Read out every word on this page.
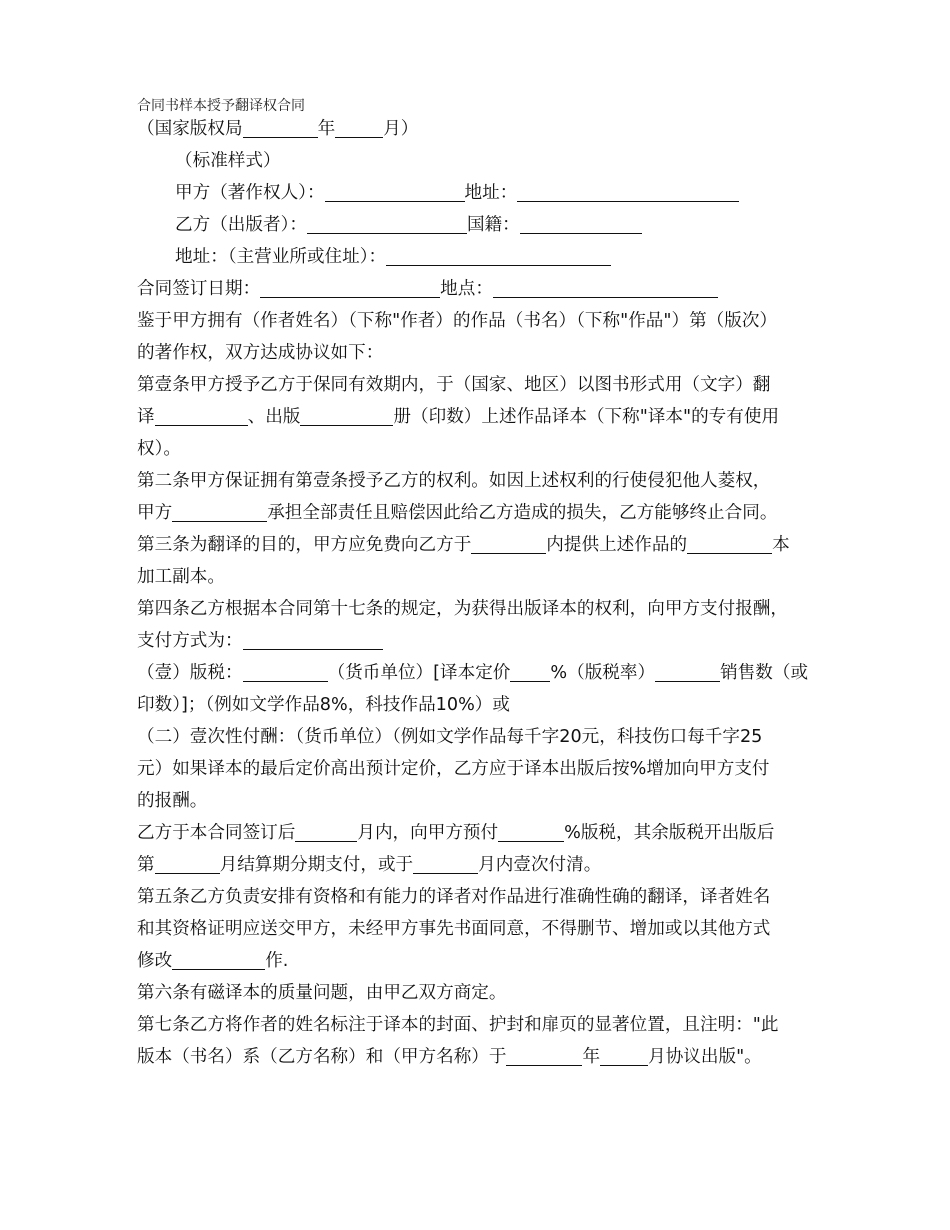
合同书样本授予翻译权合同
（国家版权局	年	月）
（标准样式）
甲方（著作权人）：	地址：
乙方（出版者）：	国籍：
地址：（主营业所或住址）：
合同签订日期：	地点：
鉴于甲方拥有（作者姓名）（下称"作者）的作品（书名）（下称"作品"）第（版次）
的著作权，双方达成协议如下：
第壹条甲方授予乙方于保同有效期内，于（国家、地区）以图书形式用（文字）翻
译	、出版	册（印数）上述作品译本（下称"译本"的专有使用
权）。
第二条甲方保证拥有第壹条授予乙方的权利。如因上述权利的行使侵犯他人菱权，
甲方	承担全部责任且赔偿因此给乙方造成的损失，乙方能够终止合同。
第三条为翻译的目的，甲方应免费向乙方于	内提供上述作品的	本
加工副本。
第四条乙方根据本合同第十七条的规定，为获得出版译本的权利，向甲方支付报酬，
支付方式为：
（壹）版税：	（货币单位）[译本定价 %（版税率）	销售数（或
印数）]；（例如文学作品8%，科技作品10%）或
（二）壹次性付酬：（货币单位）（例如文学作品每千字20元，科技伤口每千字25
元）如果译本的最后定价高出预计定价，乙方应于译本出版后按%增加向甲方支付
的报酬。
乙方于本合同签订后	月内，向甲方预付	%版税，其余版税开出版后
第	月结算期分期支付，或于	月内壹次付清。
第五条乙方负责安排有资格和有能力的译者对作品进行准确性确的翻译，译者姓名
和其资格证明应送交甲方，未经甲方事先书面同意，不得删节、增加或以其他方式
修改	作.
第六条有磁译本的质量问题，由甲乙双方商定。
第七条乙方将作者的姓名标注于译本的封面、护封和扉页的显著位置，且注明："此
版本（书名）系（乙方名称）和（甲方名称）于	年	月协议出版"。
